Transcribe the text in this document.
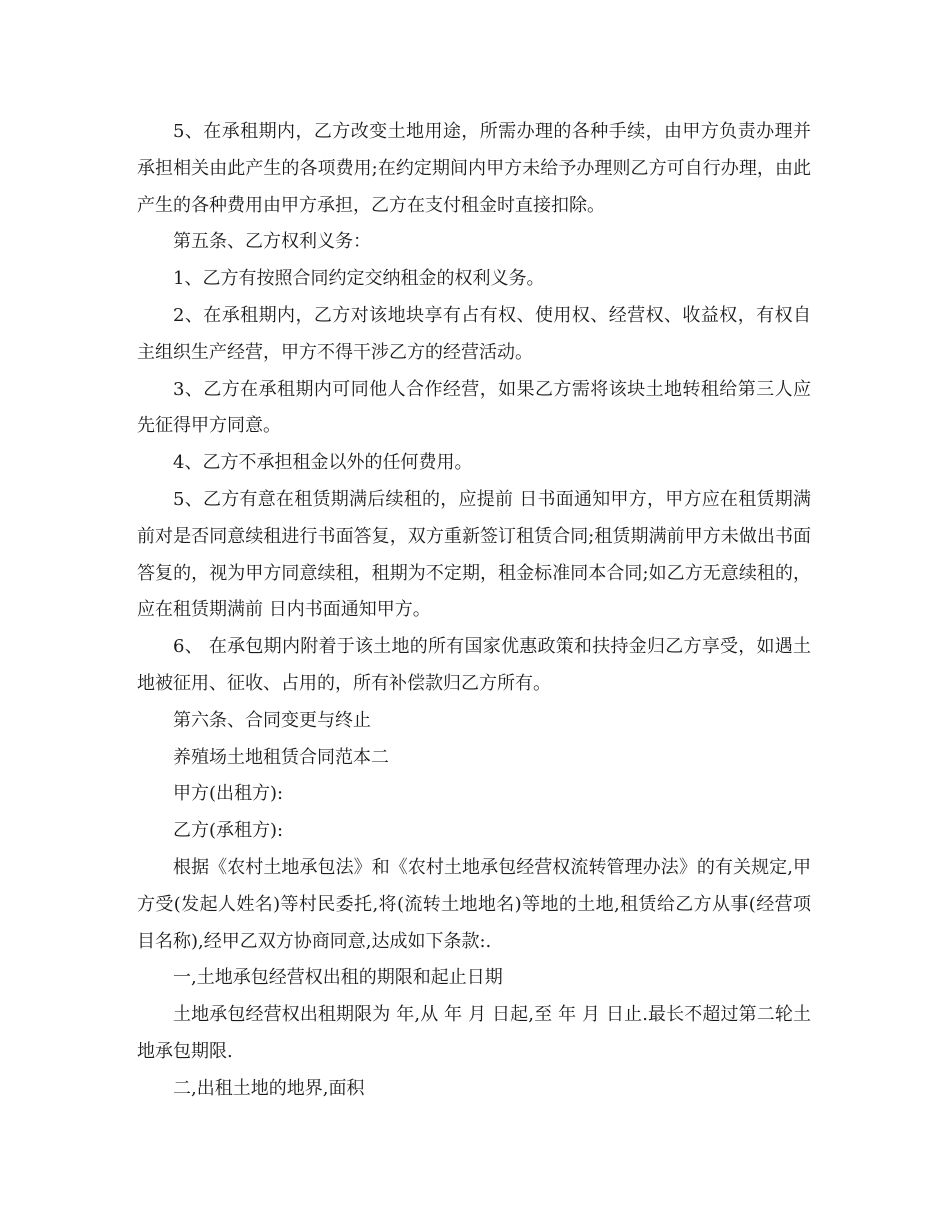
5、在承租期内，乙方改变土地用途，所需办理的各种手续，由甲方负责办理并承担相关由此产生的各项费用;在约定期间内甲方未给予办理则乙方可自行办理，由此产生的各种费用由甲方承担，乙方在支付租金时直接扣除。

第五条、乙方权利义务：

1、乙方有按照合同约定交纳租金的权利义务。

2、在承租期内，乙方对该地块享有占有权、使用权、经营权、收益权，有权自主组织生产经营，甲方不得干涉乙方的经营活动。

3、乙方在承租期内可同他人合作经营，如果乙方需将该块土地转租给第三人应先征得甲方同意。

4、乙方不承担租金以外的任何费用。

5、乙方有意在租赁期满后续租的，应提前 日书面通知甲方，甲方应在租赁期满前对是否同意续租进行书面答复，双方重新签订租赁合同;租赁期满前甲方未做出书面答复的，视为甲方同意续租，租期为不定期，租金标准同本合同;如乙方无意续租的，应在租赁期满前 日内书面通知甲方。

6、 在承包期内附着于该土地的所有国家优惠政策和扶持金归乙方享受，如遇土地被征用、征收、占用的，所有补偿款归乙方所有。

第六条、合同变更与终止

养殖场土地租赁合同范本二

甲方(出租方):

乙方(承租方):

根据《农村土地承包法》和《农村土地承包经营权流转管理办法》的有关规定,甲方受(发起人姓名)等村民委托,将(流转土地地名)等地的土地,租赁给乙方从事(经营项目名称),经甲乙双方协商同意,达成如下条款:.

一,土地承包经营权出租的期限和起止日期

土地承包经营权出租期限为 年,从 年 月 日起,至 年 月 日止.最长不超过第二轮土地承包期限.

二,出租土地的地界,面积
